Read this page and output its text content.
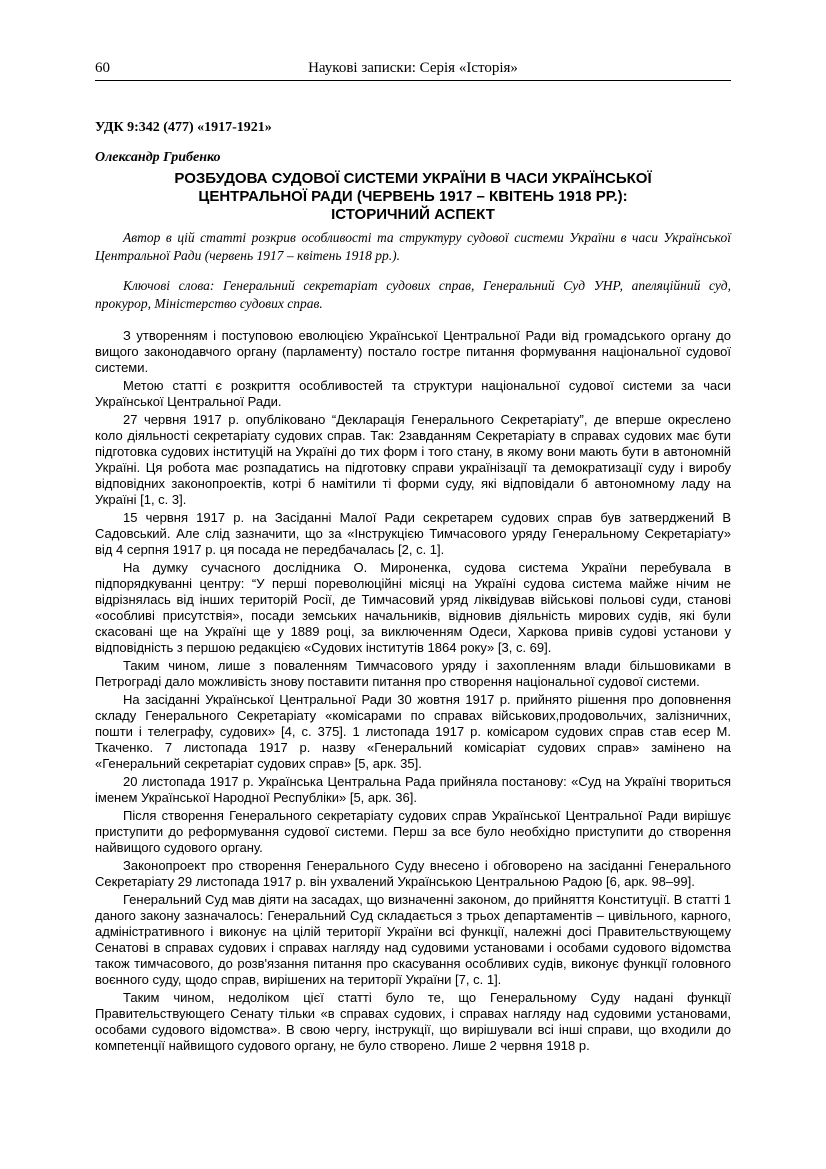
60	Наукові записки: Серія «Історія»
УДК 9:342 (477) «1917-1921»
Олександр Грибенко
РОЗБУДОВА СУДОВОЇ СИСТЕМИ УКРАЇНИ В ЧАСИ УКРАЇНСЬКОЇ
ЦЕНТРАЛЬНОЇ РАДИ (ЧЕРВЕНЬ 1917 – КВІТЕНЬ 1918 РР.):
ІСТОРИЧНИЙ АСПЕКТ

Автор в цій статті розкрив особливості та структуру судової системи України в часи Української Центральної Ради (червень 1917 – квітень 1918 рр.).

Ключові слова: Генеральний секретаріат судових справ, Генеральний Суд УНР, апеляційний суд, прокурор, Міністерство судових справ.

З утворенням і поступовою еволюцією Української Центральної Ради від громадського органу до вищого законодавчого органу (парламенту) постало гостре питання формування національної судової системи.

Метою статті є розкриття особливостей та структури національної судової системи за часи Української Центральної Ради.

27 червня 1917 р. опубліковано “Декларація Генерального Секретаріату”, де вперше окреслено коло діяльності секретаріату судових справ. Так: 2завданням Секретаріату в справах судових має бути підготовка судових інституцій на Україні до тих форм і того стану, в якому вони мають бути в автономній Україні. Ця робота має розпадатись на підготовку справи українізації та демократизації суду і виробу відповідних законопроектів, котрі б намітили ті форми суду, які відповідали б автономному ладу на Україні [1, с. 3].

15 червня 1917 р. на Засіданні Малої Ради секретарем судових справ був затверджений В Садовський. Але слід зазначити, що за «Інструкцією Тимчасового уряду Генеральному Секретаріату» від 4 серпня 1917 р. ця посада не передбачалась [2, с. 1].

На думку сучасного дослідника О. Мироненка, судова система України перебувала в підпорядкуванні центру: “У перші пореволюційні місяці на Україні судова система майже нічим не відрізнялась від інших територій Росії, де Тимчасовий уряд ліквідував військові польові суди, станові «особливі присутствія», посади земських начальників, відновив діяльність мирових судів, які були скасовані ще на Україні ще у 1889 році, за виключенням Одеси, Харкова привів судові установи у відповідність з першою редакцією «Судових інститутів 1864 року» [3, с. 69].

Таким чином, лише з поваленням Тимчасового уряду і захопленням влади більшовиками в Петрограді дало можливість знову поставити питання про створення національної судової системи.

На засіданні Української Центральної Ради 30 жовтня 1917 р. прийнято рішення про доповнення складу Генерального Секретаріату «комісарами по справах військових,продовольчих, залізничних, пошти і телеграфу, судових» [4, с. 375]. 1 листопада 1917 р. комісаром судових справ став есер М. Ткаченко. 7 листопада 1917 р. назву «Генеральний комісаріат судових справ» замінено на «Генеральний секретаріат судових справ» [5, арк. 35].

20 листопада 1917 р. Українська Центральна Рада прийняла постанову: «Суд на Україні твориться іменем Української Народної Республіки» [5, арк. 36].

Після створення Генерального секретаріату судових справ Української Центральної Ради вирішує приступити до реформування судової системи. Перш за все було необхідно приступити до створення найвищого судового органу.

Законопроект про створення Генерального Суду внесено і обговорено на засіданні Генерального Секретаріату 29 листопада 1917 р. він ухвалений Українською Центральною Радою [6, арк. 98–99].

Генеральний Суд мав діяти на засадах, що визначенні законом, до прийняття Конституції. В статті 1 даного закону зазначалось: Генеральний Суд складається з трьох департаментів – цивільного, карного, адміністративного і виконує на цілій території України всі функції, належні досі Правительствующему Сенатові в справах судових і справах нагляду над судовими установами і особами судового відомства також тимчасового, до розв'язання питання про скасування особливих судів, виконує функції головного воєнного суду, щодо справ, вирішених на території України [7, с. 1].

Таким чином, недоліком цієї статті було те, що Генеральному Суду надані функції Правительствующего Сенату тільки «в справах судових, і справах нагляду над судовими установами, особами судового відомства». В свою чергу, інструкції, що вирішували всі інші справи, що входили до компетенції найвищого судового органу, не було створено. Лише 2 червня 1918 р.
